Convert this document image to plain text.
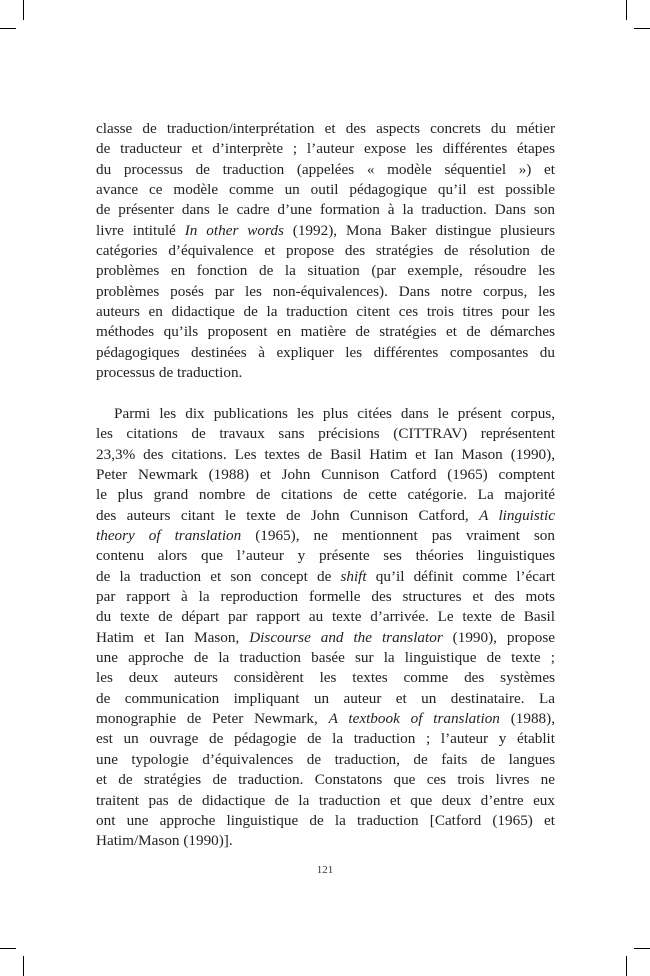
classe de traduction/interprétation et des aspects concrets du métier
de traducteur et d’interprète ; l’auteur expose les différentes étapes
du processus de traduction (appelées « modèle séquentiel ») et
avance ce modèle comme un outil pédagogique qu’il est possible
de présenter dans le cadre d’une formation à la traduction. Dans son
livre intitulé In other words (1992), Mona Baker distingue plusieurs
catégories d’équivalence et propose des stratégies de résolution de
problèmes en fonction de la situation (par exemple, résoudre les
problèmes posés par les non-équivalences). Dans notre corpus, les
auteurs en didactique de la traduction citent ces trois titres pour les
méthodes qu’ils proposent en matière de stratégies et de démarches
pédagogiques destinées à expliquer les différentes composantes du
processus de traduction.
Parmi les dix publications les plus citées dans le présent corpus,
les citations de travaux sans précisions (CITTRAV) représentent
23,3% des citations. Les textes de Basil Hatim et Ian Mason (1990),
Peter Newmark (1988) et John Cunnison Catford (1965) comptent
le plus grand nombre de citations de cette catégorie. La majorité
des auteurs citant le texte de John Cunnison Catford, A linguistic
theory of translation (1965), ne mentionnent pas vraiment son
contenu alors que l’auteur y présente ses théories linguistiques
de la traduction et son concept de shift qu’il définit comme l’écart
par rapport à la reproduction formelle des structures et des mots
du texte de départ par rapport au texte d’arrivée. Le texte de Basil
Hatim et Ian Mason, Discourse and the translator (1990), propose
une approche de la traduction basée sur la linguistique de texte ;
les deux auteurs considèrent les textes comme des systèmes
de communication impliquant un auteur et un destinataire. La
monographie de Peter Newmark, A textbook of translation (1988),
est un ouvrage de pédagogie de la traduction ; l’auteur y établit
une typologie d’équivalences de traduction, de faits de langues
et de stratégies de traduction. Constatons que ces trois livres ne
traitent pas de didactique de la traduction et que deux d’entre eux
ont une approche linguistique de la traduction [Catford (1965) et
Hatim/Mason (1990)].
121
